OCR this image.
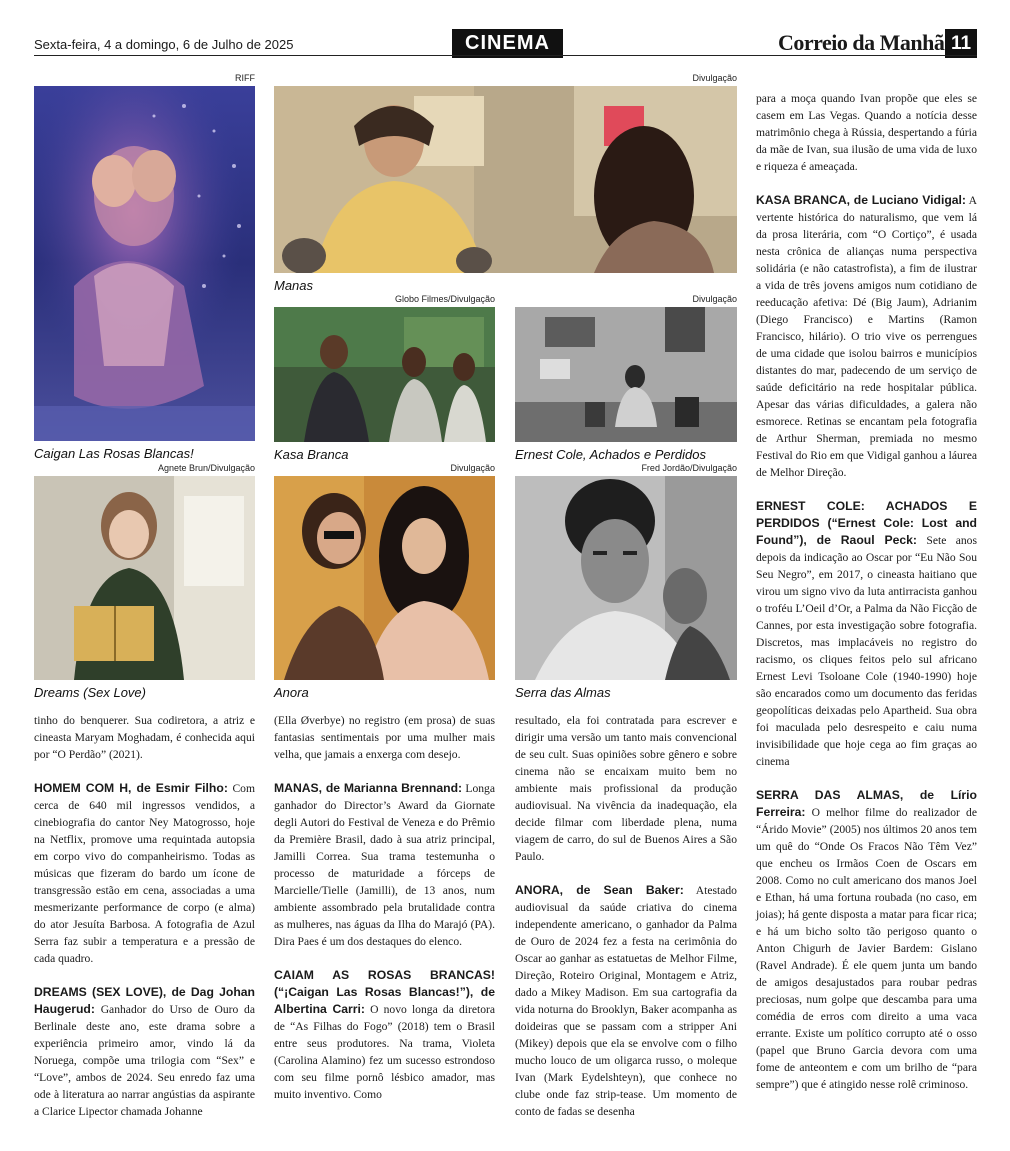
Sexta-feira, 4 a domingo, 6 de Julho de 2025	CINEMA	Correio da Manhã 11
RIFF
Caigan Las Rosas Blancas!
Divulgação
Manas
Globo Filmes/Divulgação
Kasa Branca
Divulgação
Ernest Cole, Achados e Perdidos
Agnete Brun/Divulgação
Dreams (Sex Love)
Divulgação
Anora
Fred Jordão/Divulgação
Serra das Almas

tinho do benquerer. Sua codiretora, a atriz e cineasta Maryam Moghadam, é conhecida aqui por “O Perdão” (2021).

HOMEM COM H, de Esmir Filho: Com cerca de 640 mil ingressos vendidos, a cinebiografia do cantor Ney Matogrosso, hoje na Netflix, promove uma requintada autopsia em corpo vivo do companheirismo. Todas as músicas que fizeram do bardo um ícone de transgressão estão em cena, associadas a uma mesmerizante performance de corpo (e alma) do ator Jesuíta Barbosa. A fotografia de Azul Serra faz subir a temperatura e a pressão de cada quadro.

DREAMS (SEX LOVE), de Dag Johan Haugerud: Ganhador do Urso de Ouro da Berlinale deste ano, este drama sobre a experiência primeiro amor, vindo lá da Noruega, compõe uma trilogia com “Sex” e “Love”, ambos de 2024. Seu enredo faz uma ode à literatura ao narrar angústias da aspirante a Clarice Lipector chamada Johanne

(Ella Øverbye) no registro (em prosa) de suas fantasias sentimentais por uma mulher mais velha, que jamais a enxerga com desejo.

MANAS, de Marianna Brennand: Longa ganhador do Director’s Award da Giornate degli Autori do Festival de Veneza e do Prêmio da Première Brasil, dado à sua atriz principal, Jamilli Correa. Sua trama testemunha o processo de maturidade a fórceps de Marcielle/Tielle (Jamilli), de 13 anos, num ambiente assombrado pela brutalidade contra as mulheres, nas águas da Ilha do Marajó (PA). Dira Paes é um dos destaques do elenco.

CAIAM AS ROSAS BRANCAS! (“¡Caigan Las Rosas Blancas!”), de Albertina Carri: O novo longa da diretora de “As Filhas do Fogo” (2018) tem o Brasil entre seus produtores. Na trama, Violeta (Carolina Alamino) fez um sucesso estrondoso com seu filme pornô lésbico amador, mas muito inventivo. Como

resultado, ela foi contratada para escrever e dirigir uma versão um tanto mais convencional de seu cult. Suas opiniões sobre gênero e sobre cinema não se encaixam muito bem no ambiente mais profissional da produção audiovisual. Na vivência da inadequação, ela decide filmar com liberdade plena, numa viagem de carro, do sul de Buenos Aires a São Paulo.

ANORA, de Sean Baker: Atestado audiovisual da saúde criativa do cinema independente americano, o ganhador da Palma de Ouro de 2024 fez a festa na cerimônia do Oscar ao ganhar as estatuetas de Melhor Filme, Direção, Roteiro Original, Montagem e Atriz, dado a Mikey Madison. Em sua cartografia da vida noturna do Brooklyn, Baker acompanha as doideiras que se passam com a stripper Ani (Mikey) depois que ela se envolve com o filho mucho louco de um oligarca russo, o moleque Ivan (Mark Eydelshteyn), que conhece no clube onde faz strip-tease. Um momento de conto de fadas se desenha

para a moça quando Ivan propõe que eles se casem em Las Vegas. Quando a notícia desse matrimônio chega à Rússia, despertando a fúria da mãe de Ivan, sua ilusão de uma vida de luxo e riqueza é ameaçada.

KASA BRANCA, de Luciano Vidigal: A vertente histórica do naturalismo, que vem lá da prosa literária, com “O Cortiço”, é usada nesta crônica de alianças numa perspectiva solidária (e não catastrofista), a fim de ilustrar a vida de três jovens amigos num cotidiano de reeducação afetiva: Dé (Big Jaum), Adrianim (Diego Francisco) e Martins (Ramon Francisco, hilário). O trio vive os perrengues de uma cidade que isolou bairros e municípios distantes do mar, padecendo de um serviço de saúde deficitário na rede hospitalar pública. Apesar das várias dificuldades, a galera não esmorece. Retinas se encantam pela fotografia de Arthur Sherman, premiada no mesmo Festival do Rio em que Vidigal ganhou a láurea de Melhor Direção.

ERNEST COLE: ACHADOS E PERDIDOS (“Ernest Cole: Lost and Found”), de Raoul Peck: Sete anos depois da indicação ao Oscar por “Eu Não Sou Seu Negro”, em 2017, o cineasta haitiano que virou um signo vivo da luta antirracista ganhou o troféu L’Oeil d’Or, a Palma da Não Ficção de Cannes, por esta investigação sobre fotografia. Discretos, mas implacáveis no registro do racismo, os cliques feitos pelo sul africano Ernest Levi Tsoloane Cole (1940-1990) hoje são encarados como um documento das feridas geopolíticas deixadas pelo Apartheid. Sua obra foi maculada pelo desrespeito e caiu numa invisibilidade que hoje cega ao fim graças ao cinema

SERRA DAS ALMAS, de Lírio Ferreira: O melhor filme do realizador de “Árido Movie” (2005) nos últimos 20 anos tem um quê do “Onde Os Fracos Não Têm Vez” que encheu os Irmãos Coen de Oscars em 2008. Como no cult americano dos manos Joel e Ethan, há uma fortuna roubada (no caso, em joias); há gente disposta a matar para ficar rica; e há um bicho solto tão perigoso quanto o Anton Chigurh de Javier Bardem: Gislano (Ravel Andrade). É ele quem junta um bando de amigos desajustados para roubar pedras preciosas, num golpe que descamba para uma comédia de erros com direito a uma vaca errante. Existe um político corrupto até o osso (papel que Bruno Garcia devora com uma fome de anteontem e com um brilho de “para sempre”) que é atingido nesse rolê criminoso.
